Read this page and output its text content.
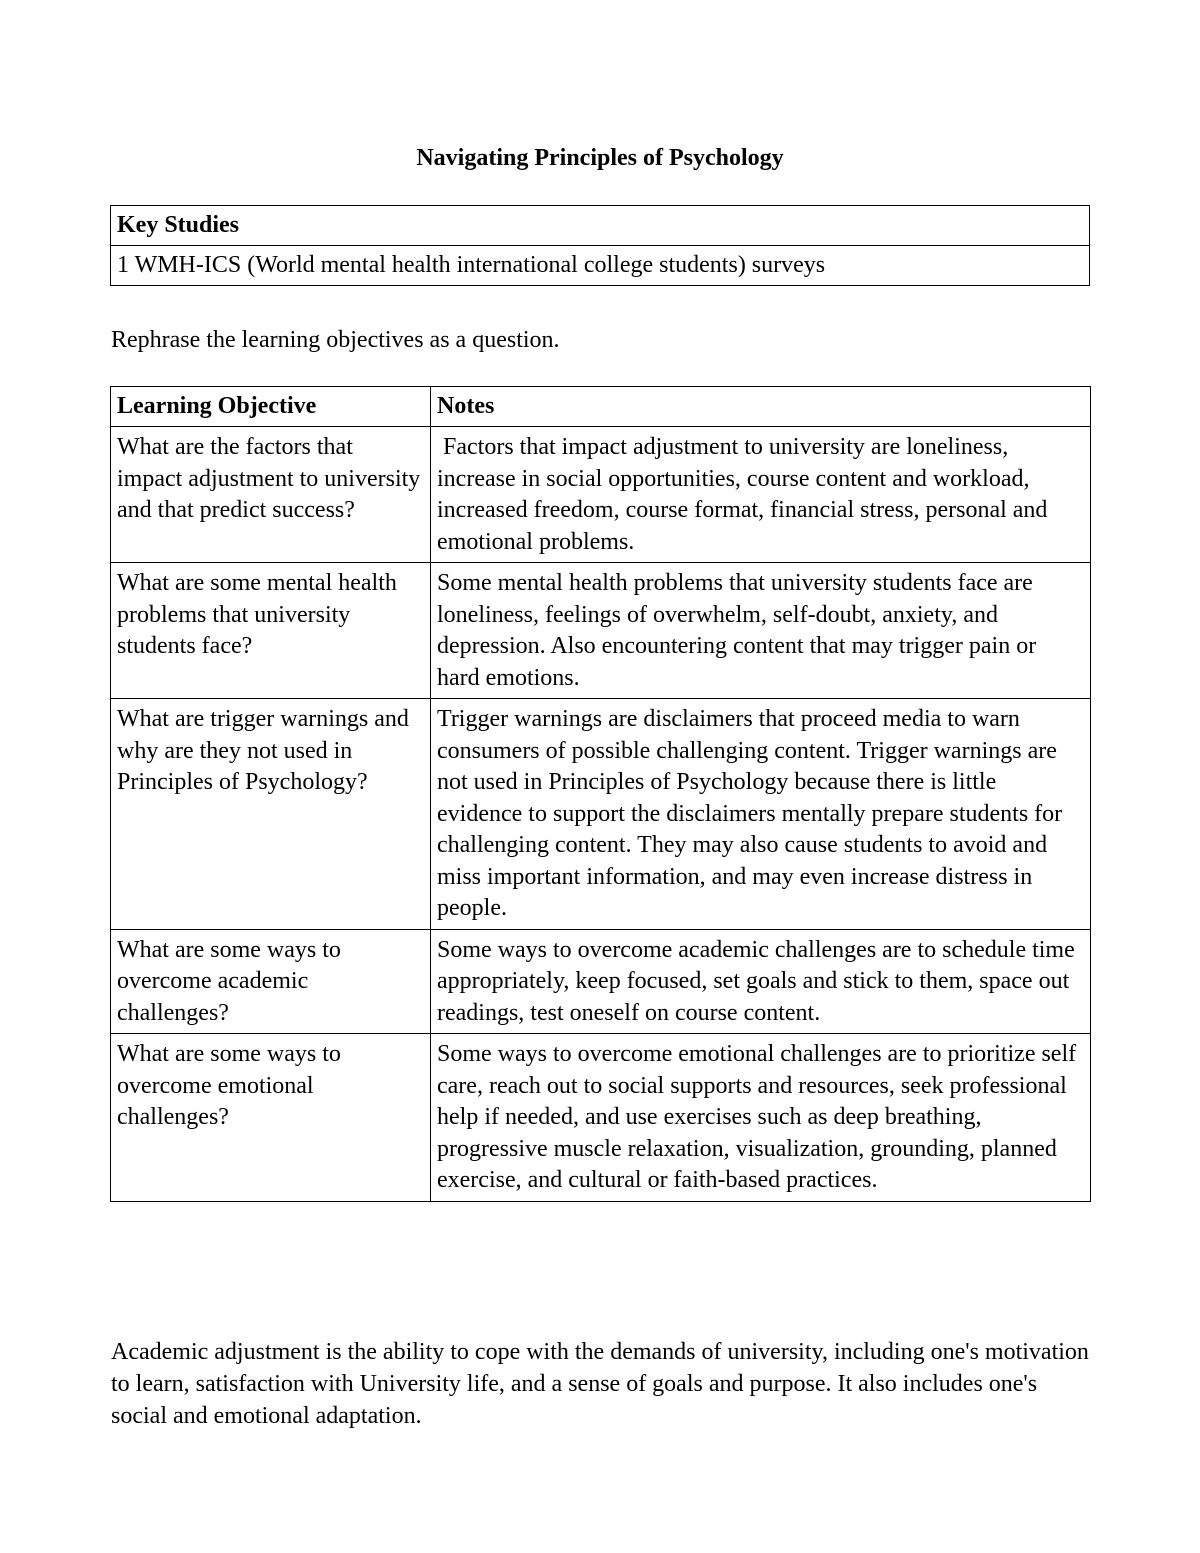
Navigating Principles of Psychology
Key Studies
1 WMH-ICS (World mental health international college students) surveys
Rephrase the learning objectives as a question.
Learning Objective	Notes
What are the factors that impact adjustment to university and that predict success?	Factors that impact adjustment to university are loneliness, increase in social opportunities, course content and workload, increased freedom, course format, financial stress, personal and emotional problems.
What are some mental health problems that university students face?	Some mental health problems that university students face are loneliness, feelings of overwhelm, self-doubt, anxiety, and depression. Also encountering content that may trigger pain or hard emotions.
What are trigger warnings and why are they not used in Principles of Psychology?	Trigger warnings are disclaimers that proceed media to warn consumers of possible challenging content. Trigger warnings are not used in Principles of Psychology because there is little evidence to support the disclaimers mentally prepare students for challenging content. They may also cause students to avoid and miss important information, and may even increase distress in people.
What are some ways to overcome academic challenges?	Some ways to overcome academic challenges are to schedule time appropriately, keep focused, set goals and stick to them, space out readings, test oneself on course content.
What are some ways to overcome emotional challenges?	Some ways to overcome emotional challenges are to prioritize self care, reach out to social supports and resources, seek professional help if needed, and use exercises such as deep breathing, progressive muscle relaxation, visualization, grounding, planned exercise, and cultural or faith-based practices.
Academic adjustment is the ability to cope with the demands of university, including one's motivation to learn, satisfaction with University life, and a sense of goals and purpose. It also includes one's social and emotional adaptation.
